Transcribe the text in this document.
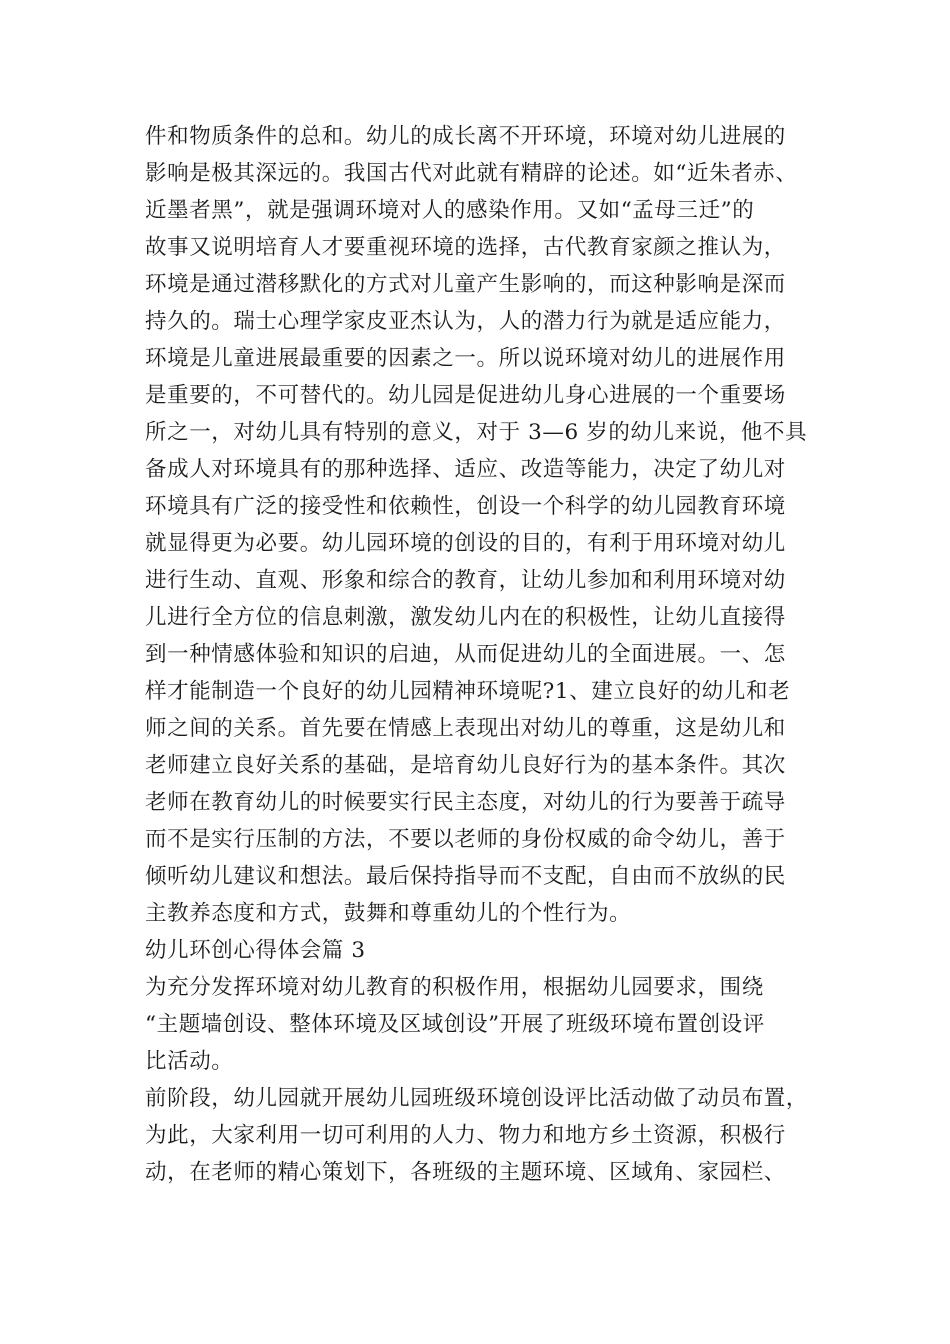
件和物质条件的总和。幼儿的成长离不开环境，环境对幼儿进展的
影响是极其深远的。我国古代对此就有精辟的论述。如“近朱者赤、
近墨者黑”，就是强调环境对人的感染作用。又如“孟母三迁”的
故事又说明培育人才要重视环境的选择，古代教育家颜之推认为，
环境是通过潜移默化的方式对儿童产生影响的，而这种影响是深而
持久的。瑞士心理学家皮亚杰认为，人的潜力行为就是适应能力，
环境是儿童进展最重要的因素之一。所以说环境对幼儿的进展作用
是重要的，不可替代的。幼儿园是促进幼儿身心进展的一个重要场
所之一，对幼儿具有特别的意义，对于 3—6 岁的幼儿来说，他不具
备成人对环境具有的那种选择、适应、改造等能力，决定了幼儿对
环境具有广泛的接受性和依赖性，创设一个科学的幼儿园教育环境
就显得更为必要。幼儿园环境的创设的目的，有利于用环境对幼儿
进行生动、直观、形象和综合的教育，让幼儿参加和利用环境对幼
儿进行全方位的信息刺激，激发幼儿内在的积极性，让幼儿直接得
到一种情感体验和知识的启迪，从而促进幼儿的全面进展。一、怎
样才能制造一个良好的幼儿园精神环境呢?1、建立良好的幼儿和老
师之间的关系。首先要在情感上表现出对幼儿的尊重，这是幼儿和
老师建立良好关系的基础，是培育幼儿良好行为的基本条件。其次
老师在教育幼儿的时候要实行民主态度，对幼儿的行为要善于疏导
而不是实行压制的方法，不要以老师的身份权威的命令幼儿，善于
倾听幼儿建议和想法。最后保持指导而不支配，自由而不放纵的民
主教养态度和方式，鼓舞和尊重幼儿的个性行为。
幼儿环创心得体会篇 3
为充分发挥环境对幼儿教育的积极作用，根据幼儿园要求，围绕
“主题墙创设、整体环境及区域创设”开展了班级环境布置创设评
比活动。
前阶段，幼儿园就开展幼儿园班级环境创设评比活动做了动员布置，
为此，大家利用一切可利用的人力、物力和地方乡土资源，积极行
动，在老师的精心策划下，各班级的主题环境、区域角、家园栏、
